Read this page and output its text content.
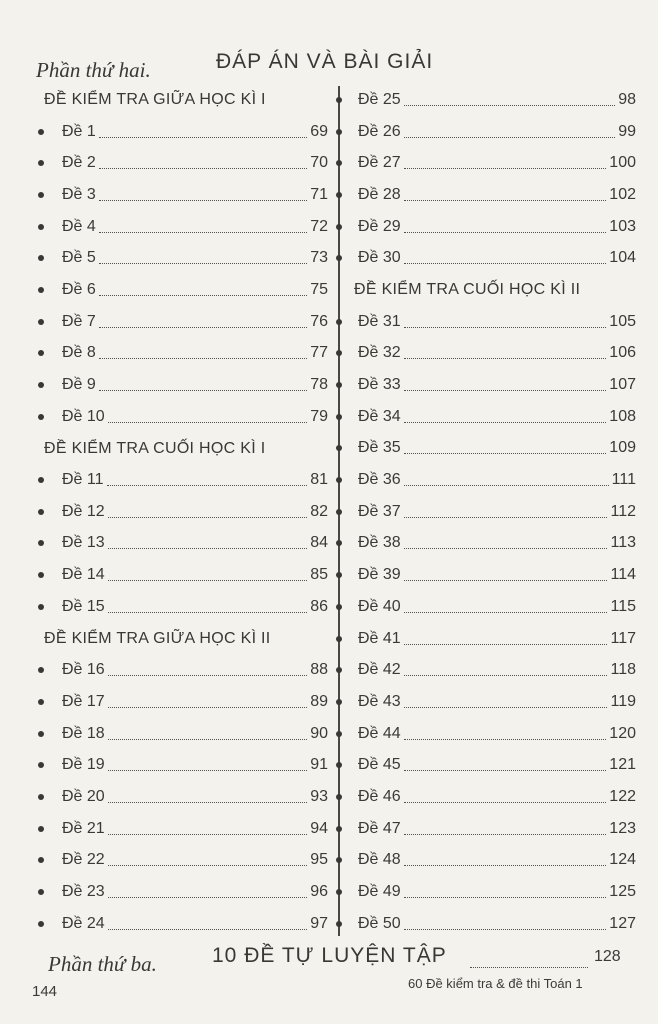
Phần thứ hai.	ĐÁP ÁN VÀ BÀI GIẢI
ĐỀ KIỂM TRA GIỮA HỌC KÌ I
Đề 1	69
Đề 2	70
Đề 3	71
Đề 4	72
Đề 5	73
Đề 6	75
Đề 7	76
Đề 8	77
Đề 9	78
Đề 10	79
ĐỀ KIỂM TRA CUỐI HỌC KÌ I
Đề 11	81
Đề 12	82
Đề 13	84
Đề 14	85
Đề 15	86
ĐỀ KIỂM TRA GIỮA HỌC KÌ II
Đề 16	88
Đề 17	89
Đề 18	90
Đề 19	91
Đề 20	93
Đề 21	94
Đề 22	95
Đề 23	96
Đề 24	97
Đề 25	98
Đề 26	99
Đề 27	100
Đề 28	102
Đề 29	103
Đề 30	104
ĐỀ KIỂM TRA CUỐI HỌC KÌ II
Đề 31	105
Đề 32	106
Đề 33	107
Đề 34	108
Đề 35	109
Đề 36	111
Đề 37	112
Đề 38	113
Đề 39	114
Đề 40	115
Đề 41	117
Đề 42	118
Đề 43	119
Đề 44	120
Đề 45	121
Đề 46	122
Đề 47	123
Đề 48	124
Đề 49	125
Đề 50	127
Phần thứ ba.	10 ĐỀ TỰ LUYỆN TẬP	128
144	60 Đề kiểm tra & đề thi Toán 1
